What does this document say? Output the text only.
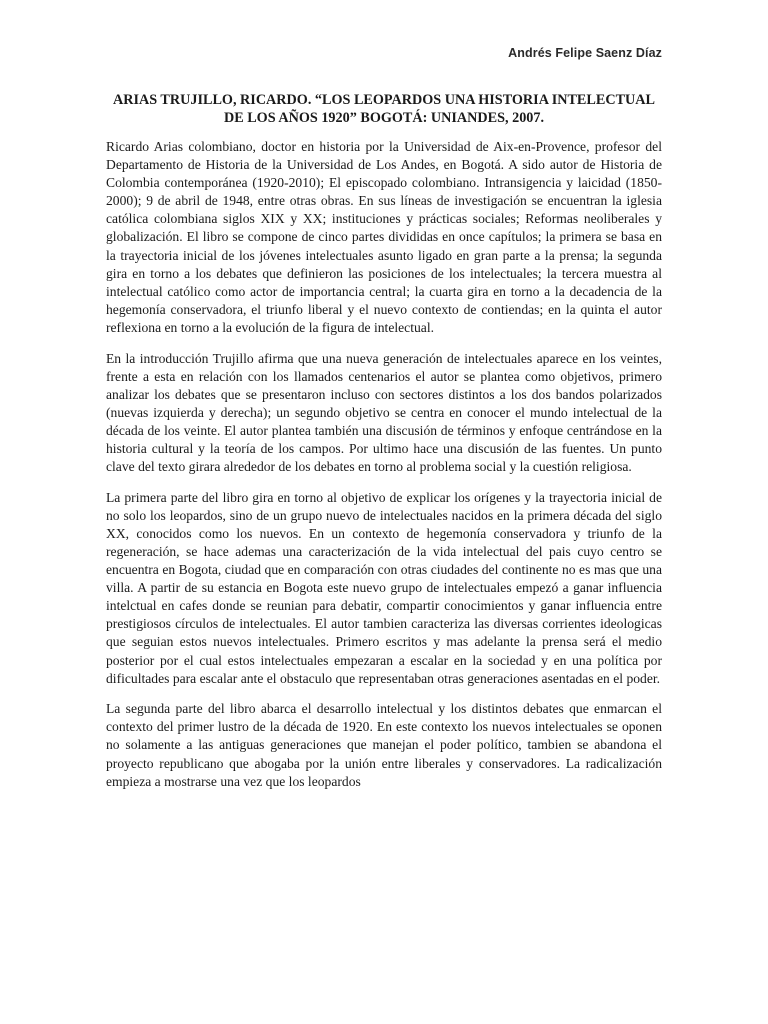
Andrés Felipe Saenz Díaz
ARIAS TRUJILLO, RICARDO. “LOS LEOPARDOS UNA HISTORIA INTELECTUAL DE LOS AÑOS 1920” BOGOTÁ: UNIANDES, 2007.

Ricardo Arias colombiano, doctor en historia por la Universidad de Aix-en-Provence, profesor del Departamento de Historia de la Universidad de Los Andes, en Bogotá. A sido autor de Historia de Colombia contemporánea (1920-2010); El episcopado colombiano. Intransigencia y laicidad (1850-2000); 9 de abril de 1948, entre otras obras. En sus líneas de investigación se encuentran la iglesia católica colombiana siglos XIX y XX; instituciones y prácticas sociales; Reformas neoliberales y globalización. El libro se compone de cinco partes divididas en once capítulos; la primera se basa en la trayectoria inicial de los jóvenes intelectuales asunto ligado en gran parte a la prensa; la segunda gira en torno a los debates que definieron las posiciones de los intelectuales; la tercera muestra al intelectual católico como actor de importancia central; la cuarta gira en torno a la decadencia de la hegemonía conservadora, el triunfo liberal y el nuevo contexto de contiendas; en la quinta el autor reflexiona en torno a la evolución de la figura de intelectual.

En la introducción Trujillo afirma que una nueva generación de intelectuales aparece en los veintes, frente a esta en relación con los llamados centenarios el autor se plantea como objetivos, primero analizar los debates que se presentaron incluso con sectores distintos a los dos bandos polarizados (nuevas izquierda y derecha); un segundo objetivo se centra en conocer el mundo intelectual de la década de los veinte. El autor plantea también una discusión de términos y enfoque centrándose en la historia cultural y la teoría de los campos. Por ultimo hace una discusión de las fuentes. Un punto clave del texto girara alrededor de los debates en torno al problema social y la cuestión religiosa.

La primera parte del libro gira en torno al objetivo de explicar los orígenes y la trayectoria inicial de no solo los leopardos, sino de un grupo nuevo de intelectuales nacidos en la primera década del siglo XX, conocidos como los nuevos. En un contexto de hegemonía conservadora y triunfo de la regeneración, se hace ademas una caracterización de la vida intelectual del pais cuyo centro se encuentra en Bogota, ciudad que en comparación con otras ciudades del continente no es mas que una villa. A partir de su estancia en Bogota este nuevo grupo de intelectuales empezó a ganar influencia intelctual en cafes donde se reunian para debatir, compartir conocimientos y ganar influencia entre prestigiosos círculos de intelectuales. El autor tambien caracteriza las diversas corrientes ideologicas que seguian estos nuevos intelectuales. Primero escritos y mas adelante la prensa será el medio posterior por el cual estos intelectuales empezaran a escalar en la sociedad y en una política por dificultades para escalar ante el obstaculo que representaban otras generaciones asentadas en el poder.

La segunda parte del libro abarca el desarrollo intelectual y los distintos debates que enmarcan el contexto del primer lustro de la década de 1920. En este contexto los nuevos intelectuales se oponen no solamente a las antiguas generaciones que manejan el poder político, tambien se abandona el proyecto republicano que abogaba por la unión entre liberales y conservadores. La radicalización empieza a mostrarse una vez que los leopardos
